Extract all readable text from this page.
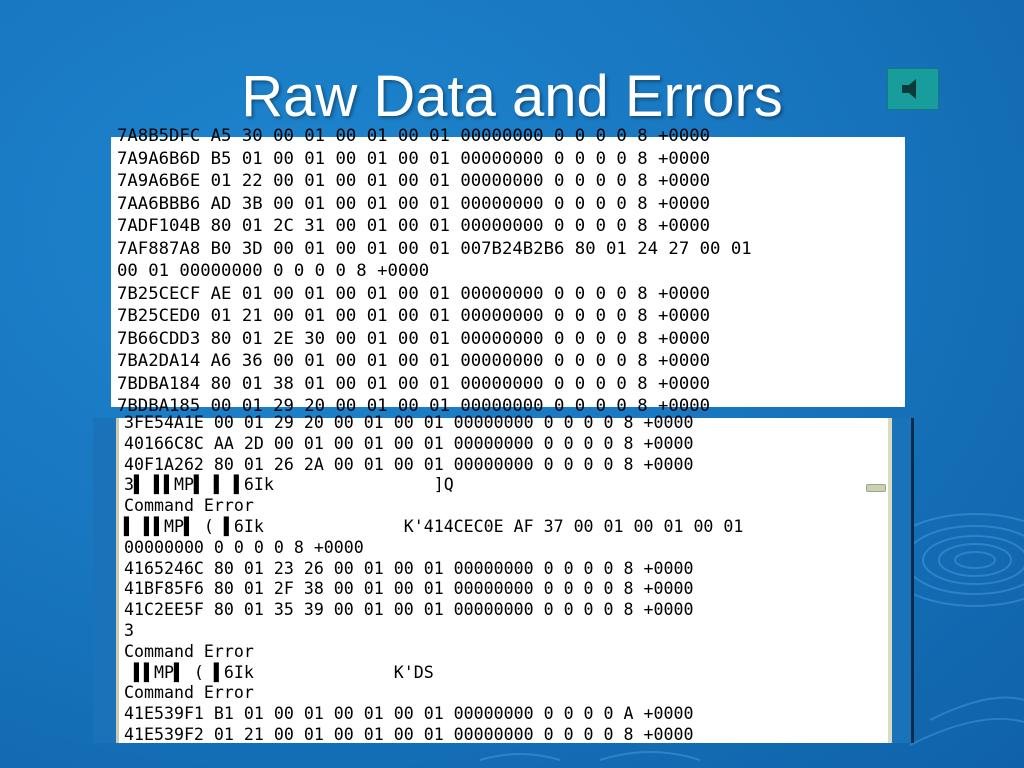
Raw Data and Errors
7A8B5DFC A5 30 00 01 00 01 00 01 00000000 0 0 0 0 8 +0000
7A9A6B6D B5 01 00 01 00 01 00 01 00000000 0 0 0 0 8 +0000
7A9A6B6E 01 22 00 01 00 01 00 01 00000000 0 0 0 0 8 +0000
7AA6BBB6 AD 3B 00 01 00 01 00 01 00000000 0 0 0 0 8 +0000
7ADF104B 80 01 2C 31 00 01 00 01 00000000 0 0 0 0 8 +0000
7AF887A8 B0 3D 00 01 00 01 00 01 007B24B2B6 80 01 24 27 00 01
00 01 00000000 0 0 0 0 8 +0000
7B25CECF AE 01 00 01 00 01 00 01 00000000 0 0 0 0 8 +0000
7B25CED0 01 21 00 01 00 01 00 01 00000000 0 0 0 0 8 +0000
7B66CDD3 80 01 2E 30 00 01 00 01 00000000 0 0 0 0 8 +0000
7BA2DA14 A6 36 00 01 00 01 00 01 00000000 0 0 0 0 8 +0000
7BDBA184 80 01 38 01 00 01 00 01 00000000 0 0 0 0 8 +0000
7BDBA185 00 01 29 20 00 01 00 01 00000000 0 0 0 0 8 +0000
3FE54A1E 00 01 29 20 00 01 00 01 00000000 0 0 0 0 8 +0000
40166C8C AA 2D 00 01 00 01 00 01 00000000 0 0 0 0 8 +0000
40F1A262 80 01 26 2A 00 01 00 01 00000000 0 0 0 0 8 +0000
3▌ ▌▌MP▌ ▌ ▌6Ik                ]Q
Command Error
▌ ▌▌MP▌ ( ▌6Ik              K'414CEC0E AF 37 00 01 00 01 00 01
00000000 0 0 0 0 8 +0000
4165246C 80 01 23 26 00 01 00 01 00000000 0 0 0 0 8 +0000
41BF85F6 80 01 2F 38 00 01 00 01 00000000 0 0 0 0 8 +0000
41C2EE5F 80 01 35 39 00 01 00 01 00000000 0 0 0 0 8 +0000
3
Command Error
▌▌MP▌ ( ▌6Ik              K'DS
Command Error
41E539F1 B1 01 00 01 00 01 00 01 00000000 0 0 0 0 A +0000
41E539F2 01 21 00 01 00 01 00 01 00000000 0 0 0 0 8 +0000
